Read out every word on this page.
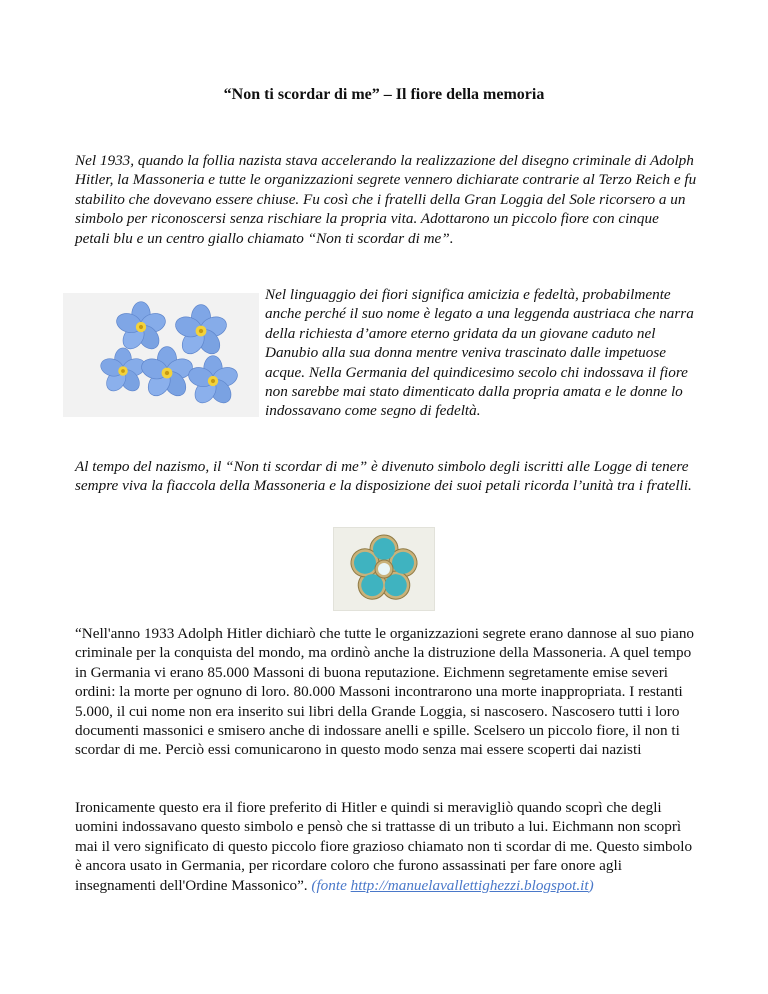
“Non ti scordar di me” – Il fiore della memoria

Nel 1933, quando la follia nazista stava accelerando la realizzazione del disegno criminale di Adolph Hitler, la Massoneria e tutte le organizzazioni segrete vennero dichiarate contrarie al Terzo Reich e fu stabilito che dovevano essere chiuse. Fu così che i fratelli della Gran Loggia del Sole ricorsero a un simbolo per riconoscersi senza rischiare la propria vita. Adottarono un piccolo fiore con cinque petali blu e un centro giallo chiamato “Non ti scordar di me”.

Nel linguaggio dei fiori significa amicizia e fedeltà, probabilmente anche perché il suo nome è legato a una leggenda austriaca che narra della richiesta d’amore eterno gridata da un giovane caduto nel Danubio alla sua donna mentre veniva trascinato dalle impetuose acque. Nella Germania del quindicesimo secolo chi indossava il fiore non sarebbe mai stato dimenticato dalla propria amata e le donne lo indossavano come segno di fedeltà.

Al tempo del nazismo, il “Non ti scordar di me” è divenuto simbolo degli iscritti alle Logge di tenere sempre viva la fiaccola della Massoneria e la disposizione dei suoi petali ricorda l’unità tra i fratelli.

“Nell'anno 1933 Adolph Hitler dichiarò che tutte le organizzazioni segrete erano dannose al suo piano criminale per la conquista del mondo, ma ordinò anche la distruzione della Massoneria. A quel tempo in Germania vi erano 85.000 Massoni di buona reputazione. Eichmenn segretamente emise severi ordini: la morte per ognuno di loro. 80.000 Massoni incontrarono una morte inappropriata. I restanti 5.000, il cui nome non era inserito sui libri della Grande Loggia, si nascosero. Nascosero tutti i loro documenti massonici e smisero anche di indossare anelli e spille. Scelsero un piccolo fiore, il non ti scordar di me. Perciò essi comunicarono in questo modo senza mai essere scoperti dai nazisti

Ironicamente questo era il fiore preferito di Hitler e quindi si meravigliò quando scoprì che degli uomini indossavano questo simbolo e pensò che si trattasse di un tributo a lui. Eichmann non scoprì mai il vero significato di questo piccolo fiore grazioso chiamato non ti scordar di me. Questo simbolo è ancora usato in Germania, per ricordare coloro che furono assassinati per fare onore agli insegnamenti dell'Ordine Massonico”. (fonte http://manuelavallettighezzi.blogspot.it)
